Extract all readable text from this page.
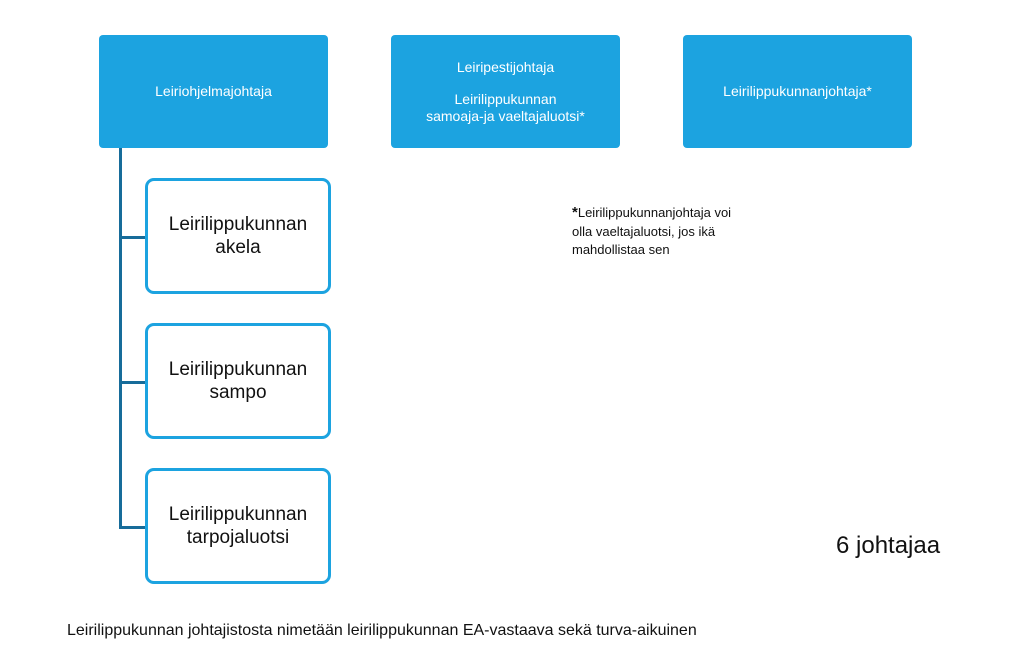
Leiriohjelmajohtaja
Leiripestijohtaja
Leirilippukunnan
samoaja-ja vaeltajaluotsi*
Leirilippukunnanjohtaja*
Leirilippukunnan
akela
Leirilippukunnan
sampo
Leirilippukunnan
tarpojaluotsi
*Leirilippukunnanjohtaja voi
olla vaeltajaluotsi, jos ikä
mahdollistaa sen
6 johtajaa
Leirilippukunnan johtajistosta nimetään leirilippukunnan EA-vastaava sekä turva-aikuinen
